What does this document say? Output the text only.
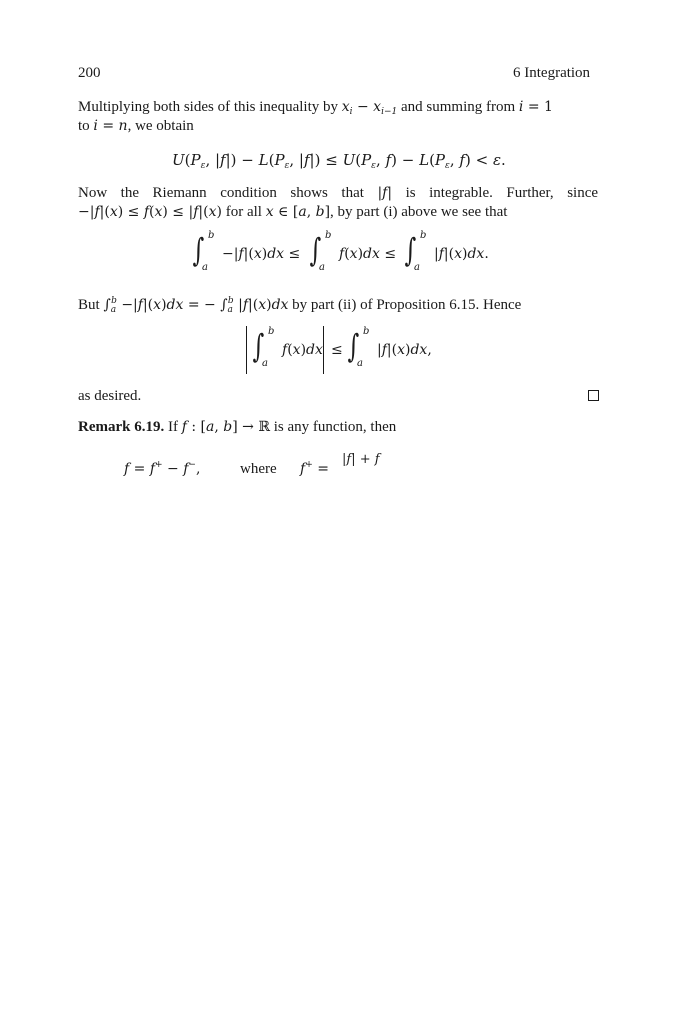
200	6 Integration
Multiplying both sides of this inequality by $x_i - x_{i-1}$ and summing from i = 1
to i = n, we obtain
$U(P_\varepsilon$, $|f|) - L(P_\varepsilon$, $|f|) \le U(P_\varepsilon$, $f) - L(P_\varepsilon$, f) < ε.
Now the Riemann condition shows that |f| is integrable. Further, since
−|f|(x) ≤ f(x) ≤ |f|(x) for all x ∈ [a, b], by part (i) above we see that
∫ b
a
−|f|(x)dx ≤ ∫ b
a
f(x)dx ≤ ∫ b
a
|f|(x)dx.
But $\int_a^b -|f|(x)dx$ = − $\int_a^b$ |f|(x)dx by part (ii) of Proposition 6.15. Hence
∫ b
a
f(x)dx ≤ ∫ b
a
|f|(x)dx,
as desired.
Remark 6.19. If f : [a, b] → ℝ is any function, then
f = f+ − f−,	where f+ =
|f| + f
